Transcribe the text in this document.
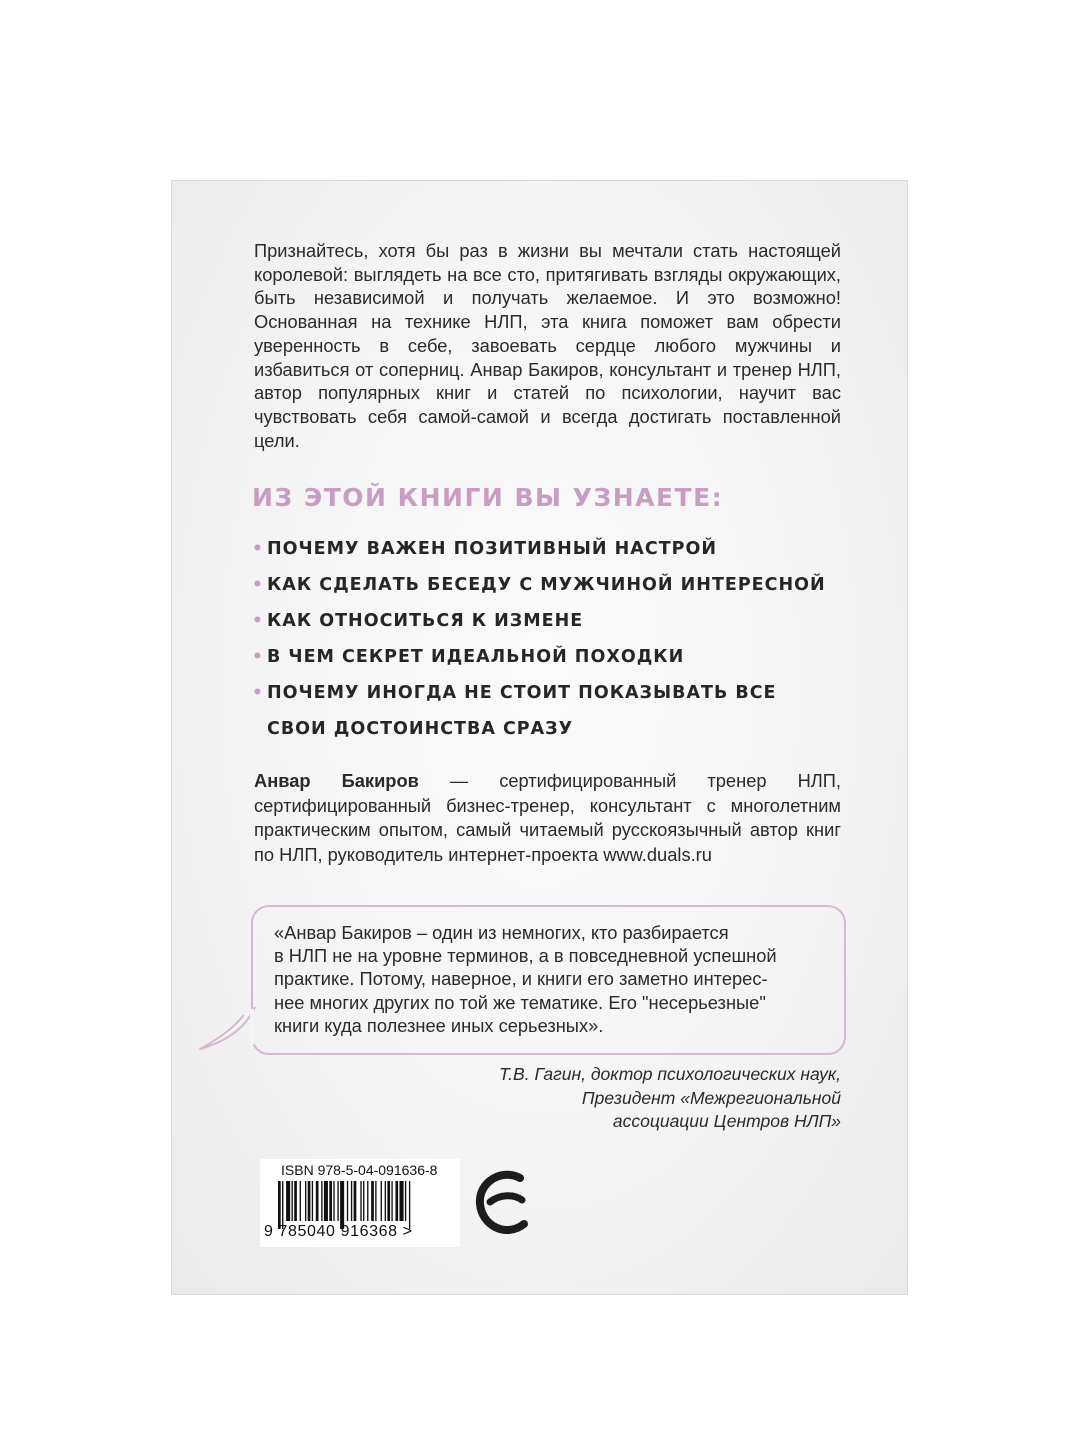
Признайтесь, хотя бы раз в жизни вы мечтали стать настоящей королевой: выглядеть на все сто, притягивать взгляды окружающих, быть независимой и получать желаемое. И это возможно! Основанная на технике НЛП, эта книга поможет вам обрести уверенность в себе, завоевать сердце любого мужчины и избавиться от соперниц. Анвар Бакиров, консультант и тренер НЛП, автор популярных книг и статей по психологии, научит вас чувствовать себя самой-самой и всегда достигать поставленной цели.

ИЗ ЭТОЙ КНИГИ ВЫ УЗНАЕТЕ:
• ПОЧЕМУ ВАЖЕН ПОЗИТИВНЫЙ НАСТРОЙ
• КАК СДЕЛАТЬ БЕСЕДУ С МУЖЧИНОЙ ИНТЕРЕСНОЙ
• КАК ОТНОСИТЬСЯ К ИЗМЕНЕ
• В ЧЕМ СЕКРЕТ ИДЕАЛЬНОЙ ПОХОДКИ
• ПОЧЕМУ ИНОГДА НЕ СТОИТ ПОКАЗЫВАТЬ ВСЕ
СВОИ ДОСТОИНСТВА СРАЗУ

Анвар Бакиров — сертифицированный тренер НЛП, сертифицированный бизнес-тренер, консультант с многолетним практическим опытом, самый читаемый русскоязычный автор книг по НЛП, руководитель интернет-проекта www.duals.ru

«Анвар Бакиров – один из немногих, кто разбирается
в НЛП не на уровне терминов, а в повседневной успешной
практике. Потому, наверное, и книги его заметно интерес-
нее многих других по той же тематике. Его "несерьезные"
книги куда полезнее иных серьезных».

Т.В. Гагин, доктор психологических наук,
Президент «Межрегиональной
ассоциации Центров НЛП»

ISBN 978-5-04-091636-8
9 785040 916368 >
